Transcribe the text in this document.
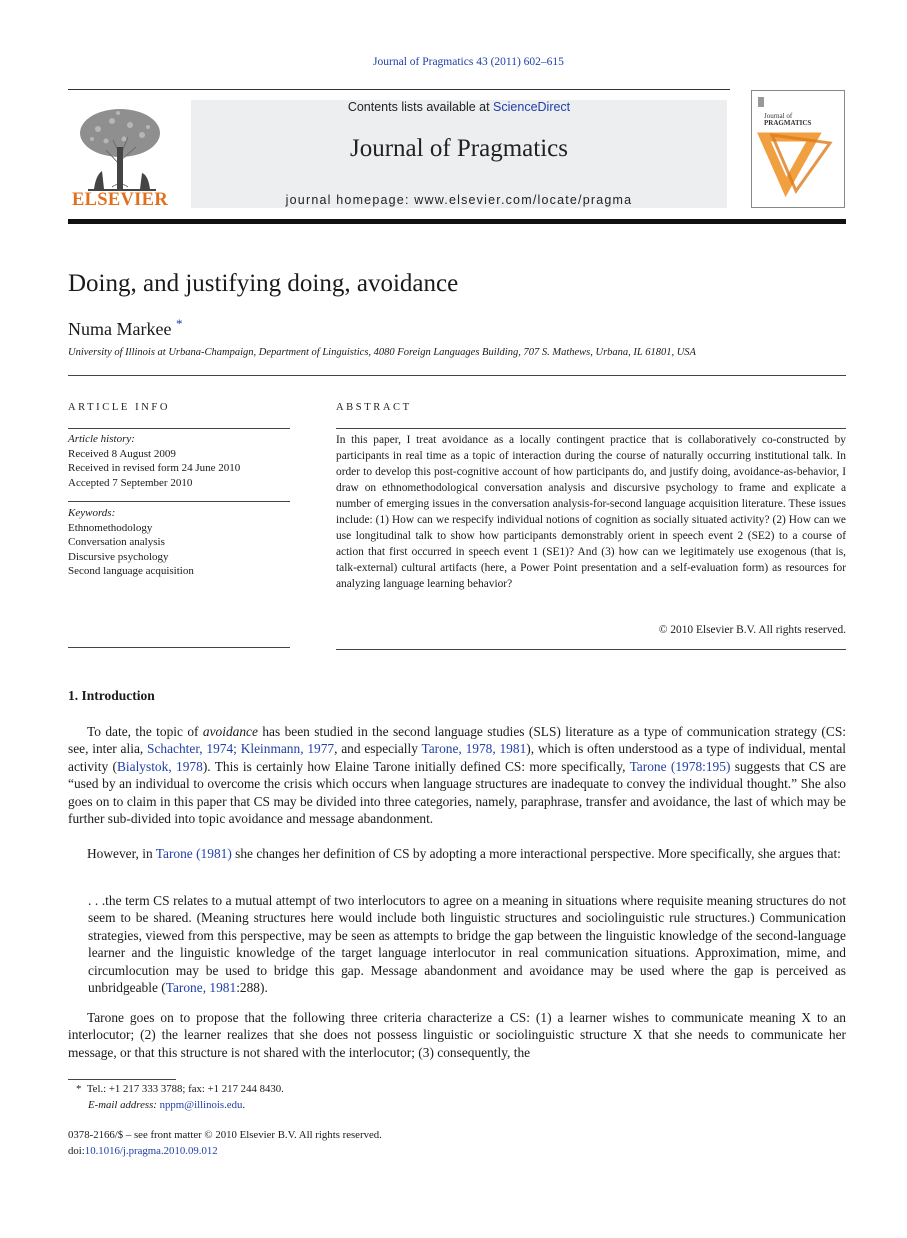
Journal of Pragmatics 43 (2011) 602–615
ELSEVIER
Contents lists available at ScienceDirect
Journal of Pragmatics
journal homepage: www.elsevier.com/locate/pragma
Journal of
PRAGMATICS
Doing, and justifying doing, avoidance
Numa Markee *
University of Illinois at Urbana-Champaign, Department of Linguistics, 4080 Foreign Languages Building, 707 S. Mathews, Urbana, IL 61801, USA
ARTICLE INFO	ABSTRACT
Article history:
Received 8 August 2009
Received in revised form 24 June 2010
Accepted 7 September 2010
Keywords:
Ethnomethodology
Conversation analysis
Discursive psychology
Second language acquisition
In this paper, I treat avoidance as a locally contingent practice that is collaboratively co-constructed by participants in real time as a topic of interaction during the course of naturally occurring institutional talk. In order to develop this post-cognitive account of how participants do, and justify doing, avoidance-as-behavior, I draw on ethnomethodological conversation analysis and discursive psychology to frame and explicate a number of emerging issues in the conversation analysis-for-second language acquisition literature. These issues include: (1) How can we respecify individual notions of cognition as socially situated activity? (2) How can we use longitudinal talk to show how participants demonstrably orient in speech event 2 (SE2) to a course of action that first occurred in speech event 1 (SE1)? And (3) how can we legitimately use exogenous (that is, talk-external) cultural artifacts (here, a Power Point presentation and a self-evaluation form) as resources for analyzing language learning behavior?
© 2010 Elsevier B.V. All rights reserved.
1. Introduction
To date, the topic of avoidance has been studied in the second language studies (SLS) literature as a type of communication strategy (CS: see, inter alia, Schachter, 1974; Kleinmann, 1977, and especially Tarone, 1978, 1981), which is often understood as a type of individual, mental activity (Bialystok, 1978). This is certainly how Elaine Tarone initially defined CS: more specifically, Tarone (1978:195) suggests that CS are “used by an individual to overcome the crisis which occurs when language structures are inadequate to convey the individual thought.” She also goes on to claim in this paper that CS may be divided into three categories, namely, paraphrase, transfer and avoidance, the last of which may be further sub-divided into topic avoidance and message abandonment.
However, in Tarone (1981) she changes her definition of CS by adopting a more interactional perspective. More specifically, she argues that:
. . .the term CS relates to a mutual attempt of two interlocutors to agree on a meaning in situations where requisite meaning structures do not seem to be shared. (Meaning structures here would include both linguistic structures and sociolinguistic rule structures.) Communication strategies, viewed from this perspective, may be seen as attempts to bridge the gap between the linguistic knowledge of the second-language learner and the linguistic knowledge of the target language interlocutor in real communication situations. Approximation, mime, and circumlocution may be used to bridge this gap. Message abandonment and avoidance may be used where the gap is perceived as unbridgeable (Tarone, 1981:288).
Tarone goes on to propose that the following three criteria characterize a CS: (1) a learner wishes to communicate meaning X to an interlocutor; (2) the learner realizes that she does not possess linguistic or sociolinguistic structure X that she needs to communicate her message, or that this structure is not shared with the interlocutor; (3) consequently, the
* Tel.: +1 217 333 3788; fax: +1 217 244 8430.
E-mail address: nppm@illinois.edu.
0378-2166/$ – see front matter © 2010 Elsevier B.V. All rights reserved.
doi:10.1016/j.pragma.2010.09.012
